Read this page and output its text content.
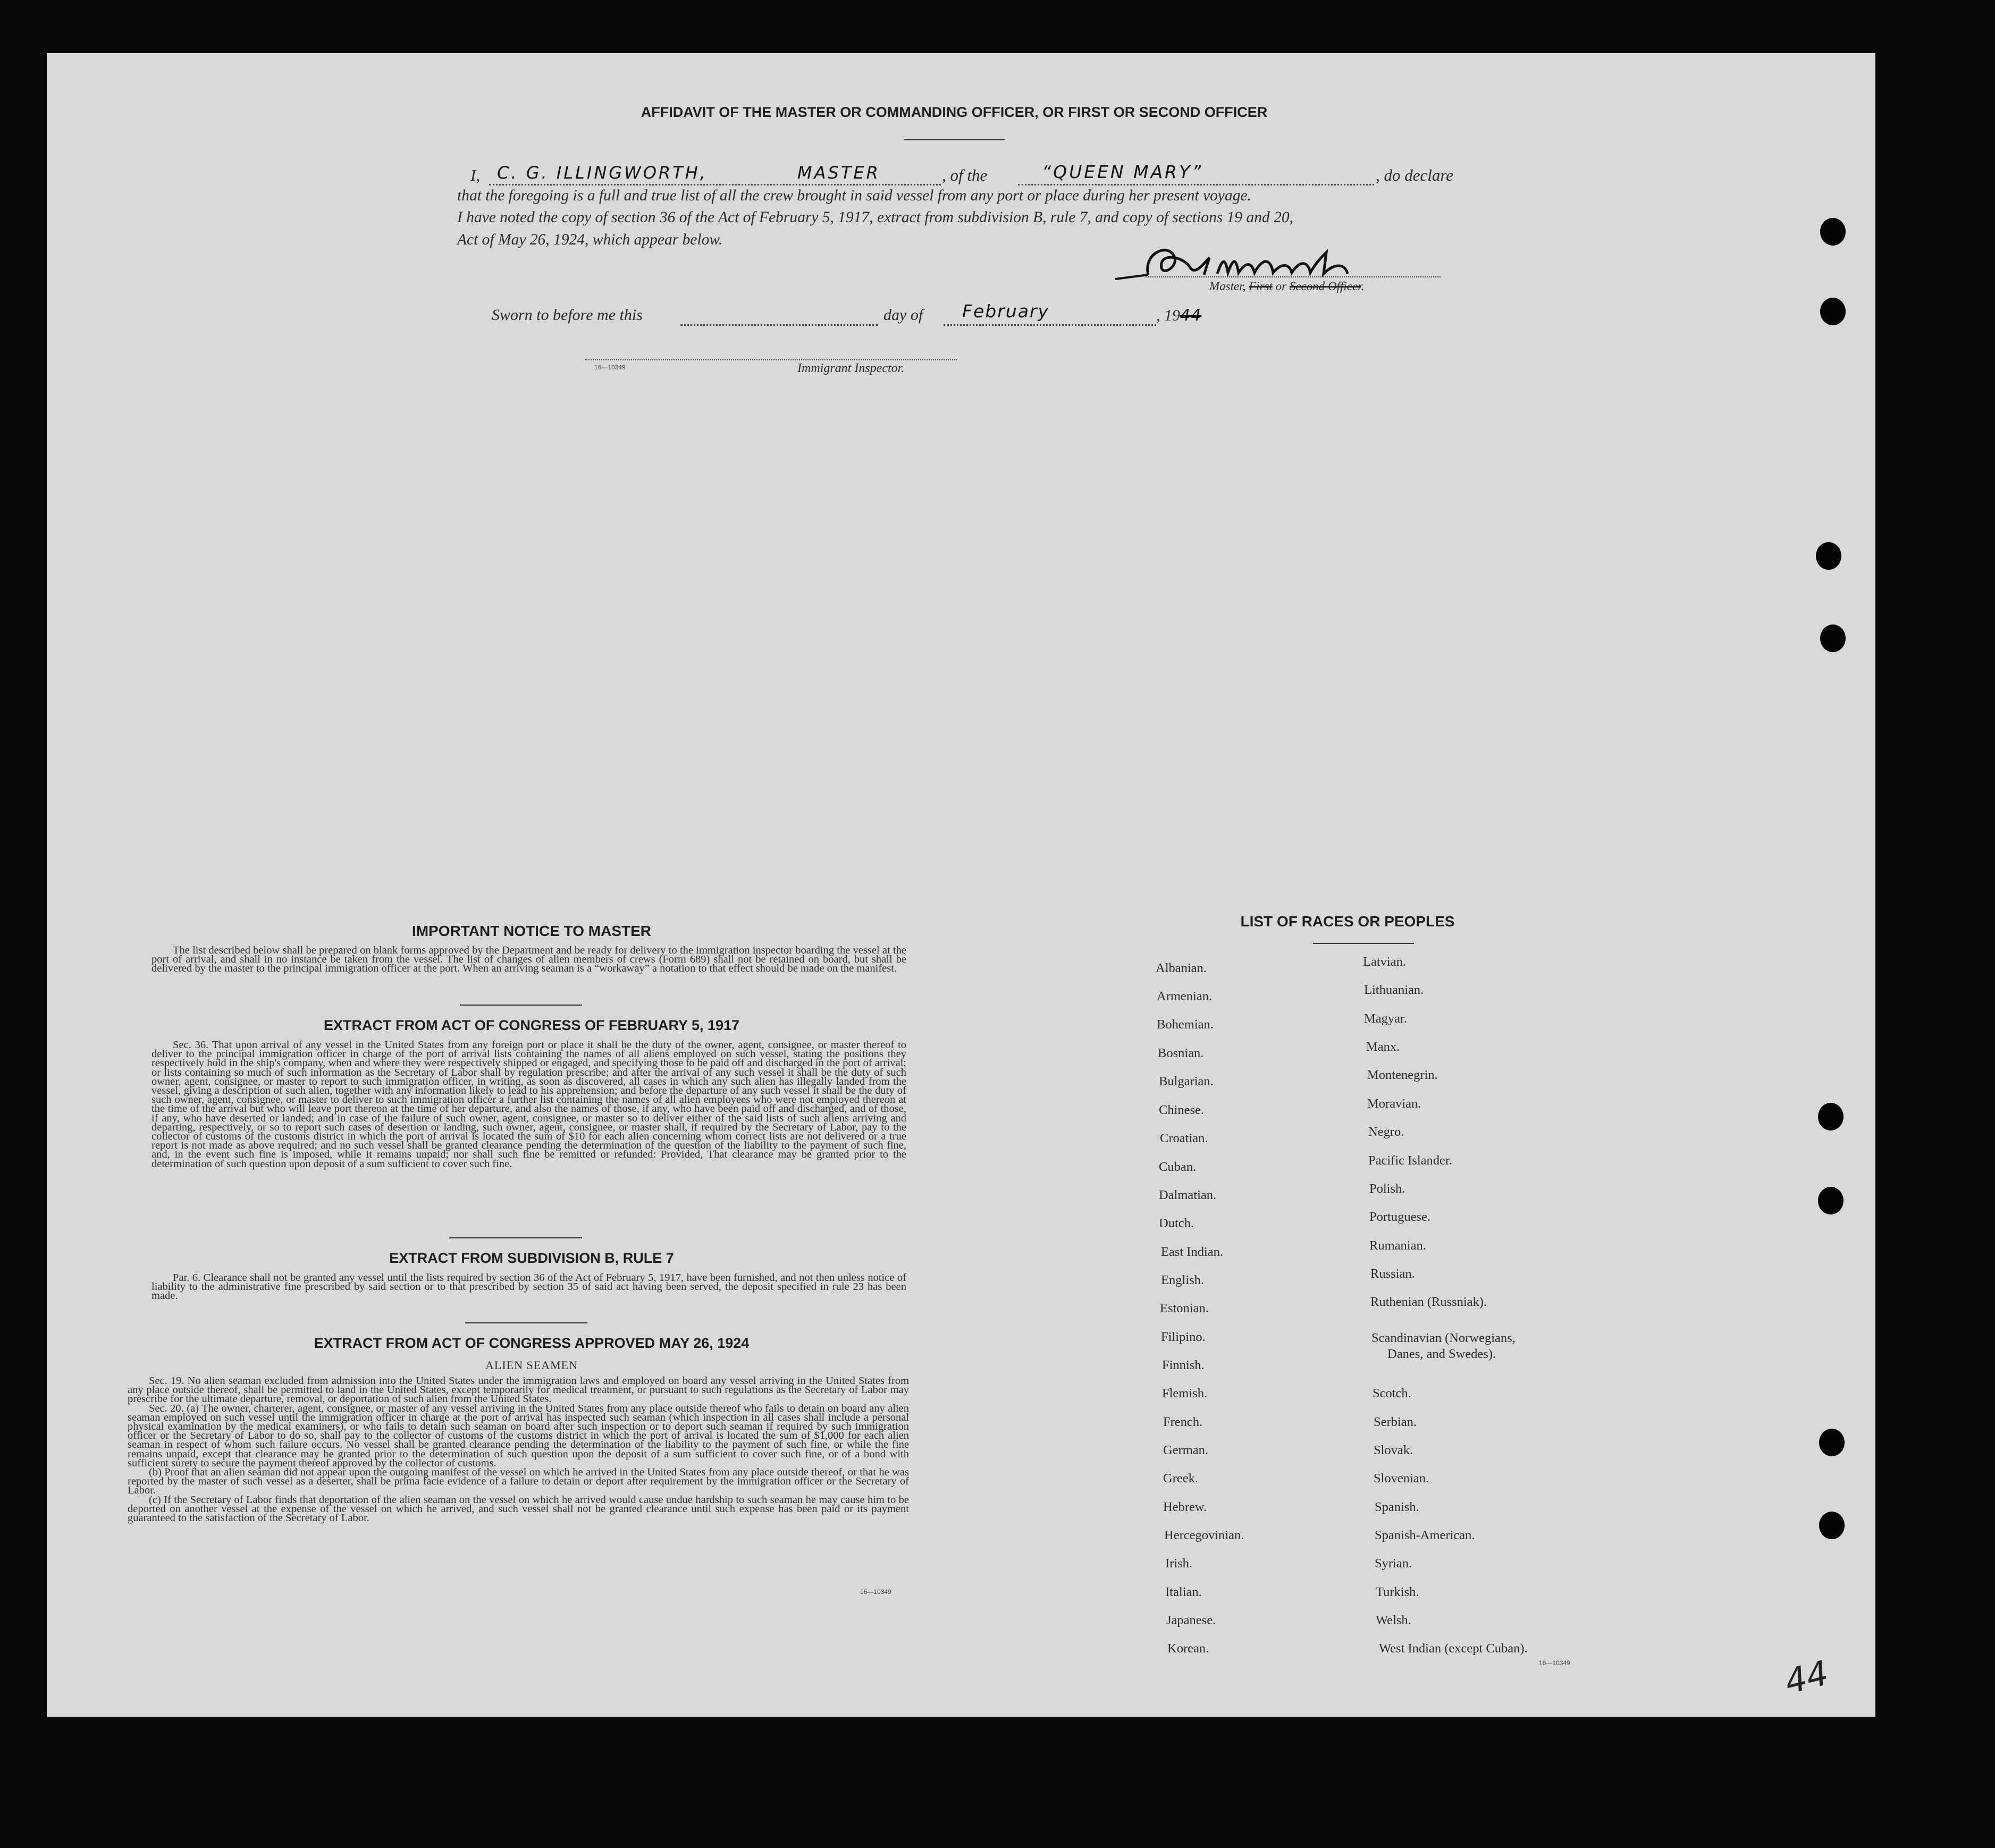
AFFIDAVIT OF THE MASTER OR COMMANDING OFFICER, OR FIRST OR SECOND OFFICER
I, C. G. ILLINGWORTH,	MASTER	, of the	“QUEEN MARY”	, do declare
that the foregoing is a full and true list of all the crew brought in said vessel from any port or place during her present voyage.
I have noted the copy of section 36 of the Act of February 5, 1917, extract from subdivision B, rule 7, and copy of sections 19 and 20,
Act of May 26, 1924, which appear below.	C G Illingworth
Master, First or Second Officer.
Sworn to before me this	day of February	, 1944
16—10349	Immigrant Inspector.
IMPORTANT NOTICE TO MASTER

The list described below shall be prepared on blank forms approved by the Department and be ready for delivery to the immigration inspector boarding the vessel at the port of arrival, and shall in no instance be taken from the vessel. The list of changes of alien members of crews (Form 689) shall not be retained on board, but shall be delivered by the master to the principal immigration officer at the port. When an arriving seaman is a “workaway” a notation to that effect should be made on the manifest.

EXTRACT FROM ACT OF CONGRESS OF FEBRUARY 5, 1917

Sec. 36. That upon arrival of any vessel in the United States from any foreign port or place it shall be the duty of the owner, agent, consignee, or master thereof to deliver to the principal immigration officer in charge of the port of arrival lists containing the names of all aliens employed on such vessel, stating the positions they respectively hold in the ship's company, when and where they were respectively shipped or engaged, and specifying those to be paid off and discharged in the port of arrival; or lists containing so much of such information as the Secretary of Labor shall by regulation prescribe; and after the arrival of any such vessel it shall be the duty of such owner, agent, consignee, or master to report to such immigration officer, in writing, as soon as discovered, all cases in which any such alien has illegally landed from the vessel, giving a description of such alien, together with any information likely to lead to his apprehension; and before the departure of any such vessel it shall be the duty of such owner, agent, consignee, or master to deliver to such immigration officer a further list containing the names of all alien employees who were not employed thereon at the time of the arrival but who will leave port thereon at the time of her departure, and also the names of those, if any, who have been paid off and discharged, and of those, if any, who have deserted or landed; and in case of the failure of such owner, agent, consignee, or master so to deliver either of the said lists of such aliens arriving and departing, respectively, or so to report such cases of desertion or landing, such owner, agent, consignee, or master shall, if required by the Secretary of Labor, pay to the collector of customs of the customs district in which the port of arrival is located the sum of $10 for each alien concerning whom correct lists are not delivered or a true report is not made as above required; and no such vessel shall be granted clearance pending the determination of the question of the liability to the payment of such fine, and, in the event such fine is imposed, while it remains unpaid; nor shall such fine be remitted or refunded: Provided, That clearance may be granted prior to the determination of such question upon deposit of a sum sufficient to cover such fine.

EXTRACT FROM SUBDIVISION B, RULE 7

Par. 6. Clearance shall not be granted any vessel until the lists required by section 36 of the Act of February 5, 1917, have been furnished, and not then unless notice of liability to the administrative fine prescribed by said section or to that prescribed by section 35 of said act having been served, the deposit specified in rule 23 has been made.

EXTRACT FROM ACT OF CONGRESS APPROVED MAY 26, 1924
ALIEN SEAMEN

Sec. 19. No alien seaman excluded from admission into the United States under the immigration laws and employed on board any vessel arriving in the United States from any place outside thereof, shall be permitted to land in the United States, except temporarily for medical treatment, or pursuant to such regulations as the Secretary of Labor may prescribe for the ultimate departure, removal, or deportation of such alien from the United States.

Sec. 20. (a) The owner, charterer, agent, consignee, or master of any vessel arriving in the United States from any place outside thereof who fails to detain on board any alien seaman employed on such vessel until the immigration officer in charge at the port of arrival has inspected such seaman (which inspection in all cases shall include a personal physical examination by the medical examiners), or who fails to detain such seaman on board after such inspection or to deport such seaman if required by such immigration officer or the Secretary of Labor to do so, shall pay to the collector of customs of the customs district in which the port of arrival is located the sum of $1,000 for each alien seaman in respect of whom such failure occurs. No vessel shall be granted clearance pending the determination of the liability to the payment of such fine, or while the fine remains unpaid, except that clearance may be granted prior to the determination of such question upon the deposit of a sum sufficient to cover such fine, or of a bond with sufficient surety to secure the payment thereof approved by the collector of customs.

(b) Proof that an alien seaman did not appear upon the outgoing manifest of the vessel on which he arrived in the United States from any place outside thereof, or that he was reported by the master of such vessel as a deserter, shall be prima facie evidence of a failure to detain or deport after requirement by the immigration officer or the Secretary of Labor.

(c) If the Secretary of Labor finds that deportation of the alien seaman on the vessel on which he arrived would cause undue hardship to such seaman he may cause him to be deported on another vessel at the expense of the vessel on which he arrived, and such vessel shall not be granted clearance until such expense has been paid or its payment guaranteed to the satisfaction of the Secretary of Labor.

16—10349
LIST OF RACES OR PEOPLES
Albanian.
Armenian.
Bohemian.
Bosnian.
Bulgarian.
Chinese.
Croatian.
Cuban.
Dalmatian.
Dutch.
East Indian.
English.
Estonian.
Filipino.
Finnish.
Flemish.
French.
German.
Greek.
Hebrew.
Hercegovinian.
Irish.
Italian.
Japanese.
Korean.
Latvian.
Lithuanian.
Magyar.
Manx.
Montenegrin.
Moravian.
Negro.
Pacific Islander.
Polish.
Portuguese.
Rumanian.
Russian.
Ruthenian (Russniak).
Scandinavian (Norwegians,
Danes, and Swedes).
Scotch.
Serbian.
Slovak.
Slovenian.
Spanish.
Spanish-American.
Syrian.
Turkish.
Welsh.
West Indian (except Cuban).
16—10349	44
